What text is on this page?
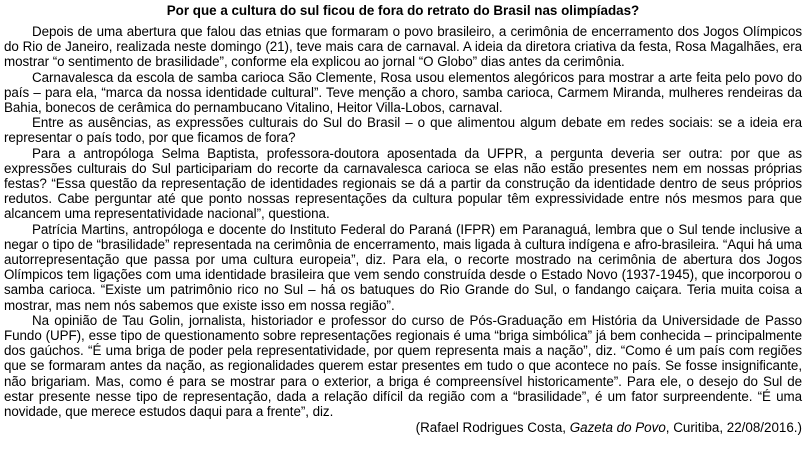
Por que a cultura do sul ficou de fora do retrato do Brasil nas olimpíadas?

Depois de uma abertura que falou das etnias que formaram o povo brasileiro, a cerimônia de encerramento dos Jogos Olímpicos do Rio de Janeiro, realizada neste domingo (21), teve mais cara de carnaval. A ideia da diretora criativa da festa, Rosa Magalhães, era mostrar “o sentimento de brasilidade”, conforme ela explicou ao jornal “O Globo” dias antes da cerimônia.

Carnavalesca da escola de samba carioca São Clemente, Rosa usou elementos alegóricos para mostrar a arte feita pelo povo do país – para ela, “marca da nossa identidade cultural”. Teve menção a choro, samba carioca, Carmem Miranda, mulheres rendeiras da Bahia, bonecos de cerâmica do pernambucano Vitalino, Heitor Villa-Lobos, carnaval.

Entre as ausências, as expressões culturais do Sul do Brasil – o que alimentou algum debate em redes sociais: se a ideia era representar o país todo, por que ficamos de fora?

Para a antropóloga Selma Baptista, professora-doutora aposentada da UFPR, a pergunta deveria ser outra: por que as expressões culturais do Sul participariam do recorte da carnavalesca carioca se elas não estão presentes nem em nossas próprias festas? “Essa questão da representação de identidades regionais se dá a partir da construção da identidade dentro de seus próprios redutos. Cabe perguntar até que ponto nossas representações da cultura popular têm expressividade entre nós mesmos para que alcancem uma representatividade nacional”, questiona.

Patrícia Martins, antropóloga e docente do Instituto Federal do Paraná (IFPR) em Paranaguá, lembra que o Sul tende inclusive a negar o tipo de “brasilidade” representada na cerimônia de encerramento, mais ligada à cultura indígena e afro-brasileira. “Aqui há uma autorrepresentação que passa por uma cultura europeia”, diz. Para ela, o recorte mostrado na cerimônia de abertura dos Jogos Olímpicos tem ligações com uma identidade brasileira que vem sendo construída desde o Estado Novo (1937-1945), que incorporou o samba carioca. “Existe um patrimônio rico no Sul – há os batuques do Rio Grande do Sul, o fandango caiçara. Teria muita coisa a mostrar, mas nem nós sabemos que existe isso em nossa região”.

Na opinião de Tau Golin, jornalista, historiador e professor do curso de Pós-Graduação em História da Universidade de Passo Fundo (UPF), esse tipo de questionamento sobre representações regionais é uma “briga simbólica” já bem conhecida – principalmente dos gaúchos. “É uma briga de poder pela representatividade, por quem representa mais a nação”, diz. “Como é um país com regiões que se formaram antes da nação, as regionalidades querem estar presentes em tudo o que acontece no país. Se fosse insignificante, não brigariam. Mas, como é para se mostrar para o exterior, a briga é compreensível historicamente”. Para ele, o desejo do Sul de estar presente nesse tipo de representação, dada a relação difícil da região com a “brasilidade”, é um fator surpreendente. “É uma novidade, que merece estudos daqui para a frente”, diz.

(Rafael Rodrigues Costa, Gazeta do Povo, Curitiba, 22/08/2016.)
